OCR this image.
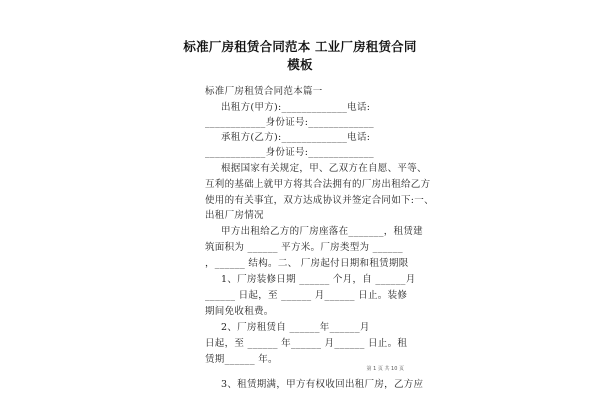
标准厂房租赁合同范本 工业厂房租赁合同
模板
标准厂房租赁合同范本篇一
出租方(甲方):_____________电话:
____________身份证号:_____________
承租方(乙方):_____________电话:
____________身份证号:_____________
根据国家有关规定，甲、乙双方在自愿、平等、
互利的基础上就甲方将其合法拥有的厂房出租给乙方
使用的有关事宜，双方达成协议并签定合同如下:一、
出租厂房情况
甲方出租给乙方的厂房座落在_______，租赁建
筑面积为 ______ 平方米。厂房类型为 ______
，______ 结构。二、 厂房起付日期和租赁期限
1、厂房装修日期 ______ 个月，自 ______月
______ 日起，至 ______ 月______ 日止。装修
期间免收租费。
2、厂房租赁自 ______年______月
日起，至 ______ 年______ 月______ 日止。租
赁期______ 年。
3、租赁期满，甲方有权收回出租厂房，乙方应
第 1 页 共 10 页
